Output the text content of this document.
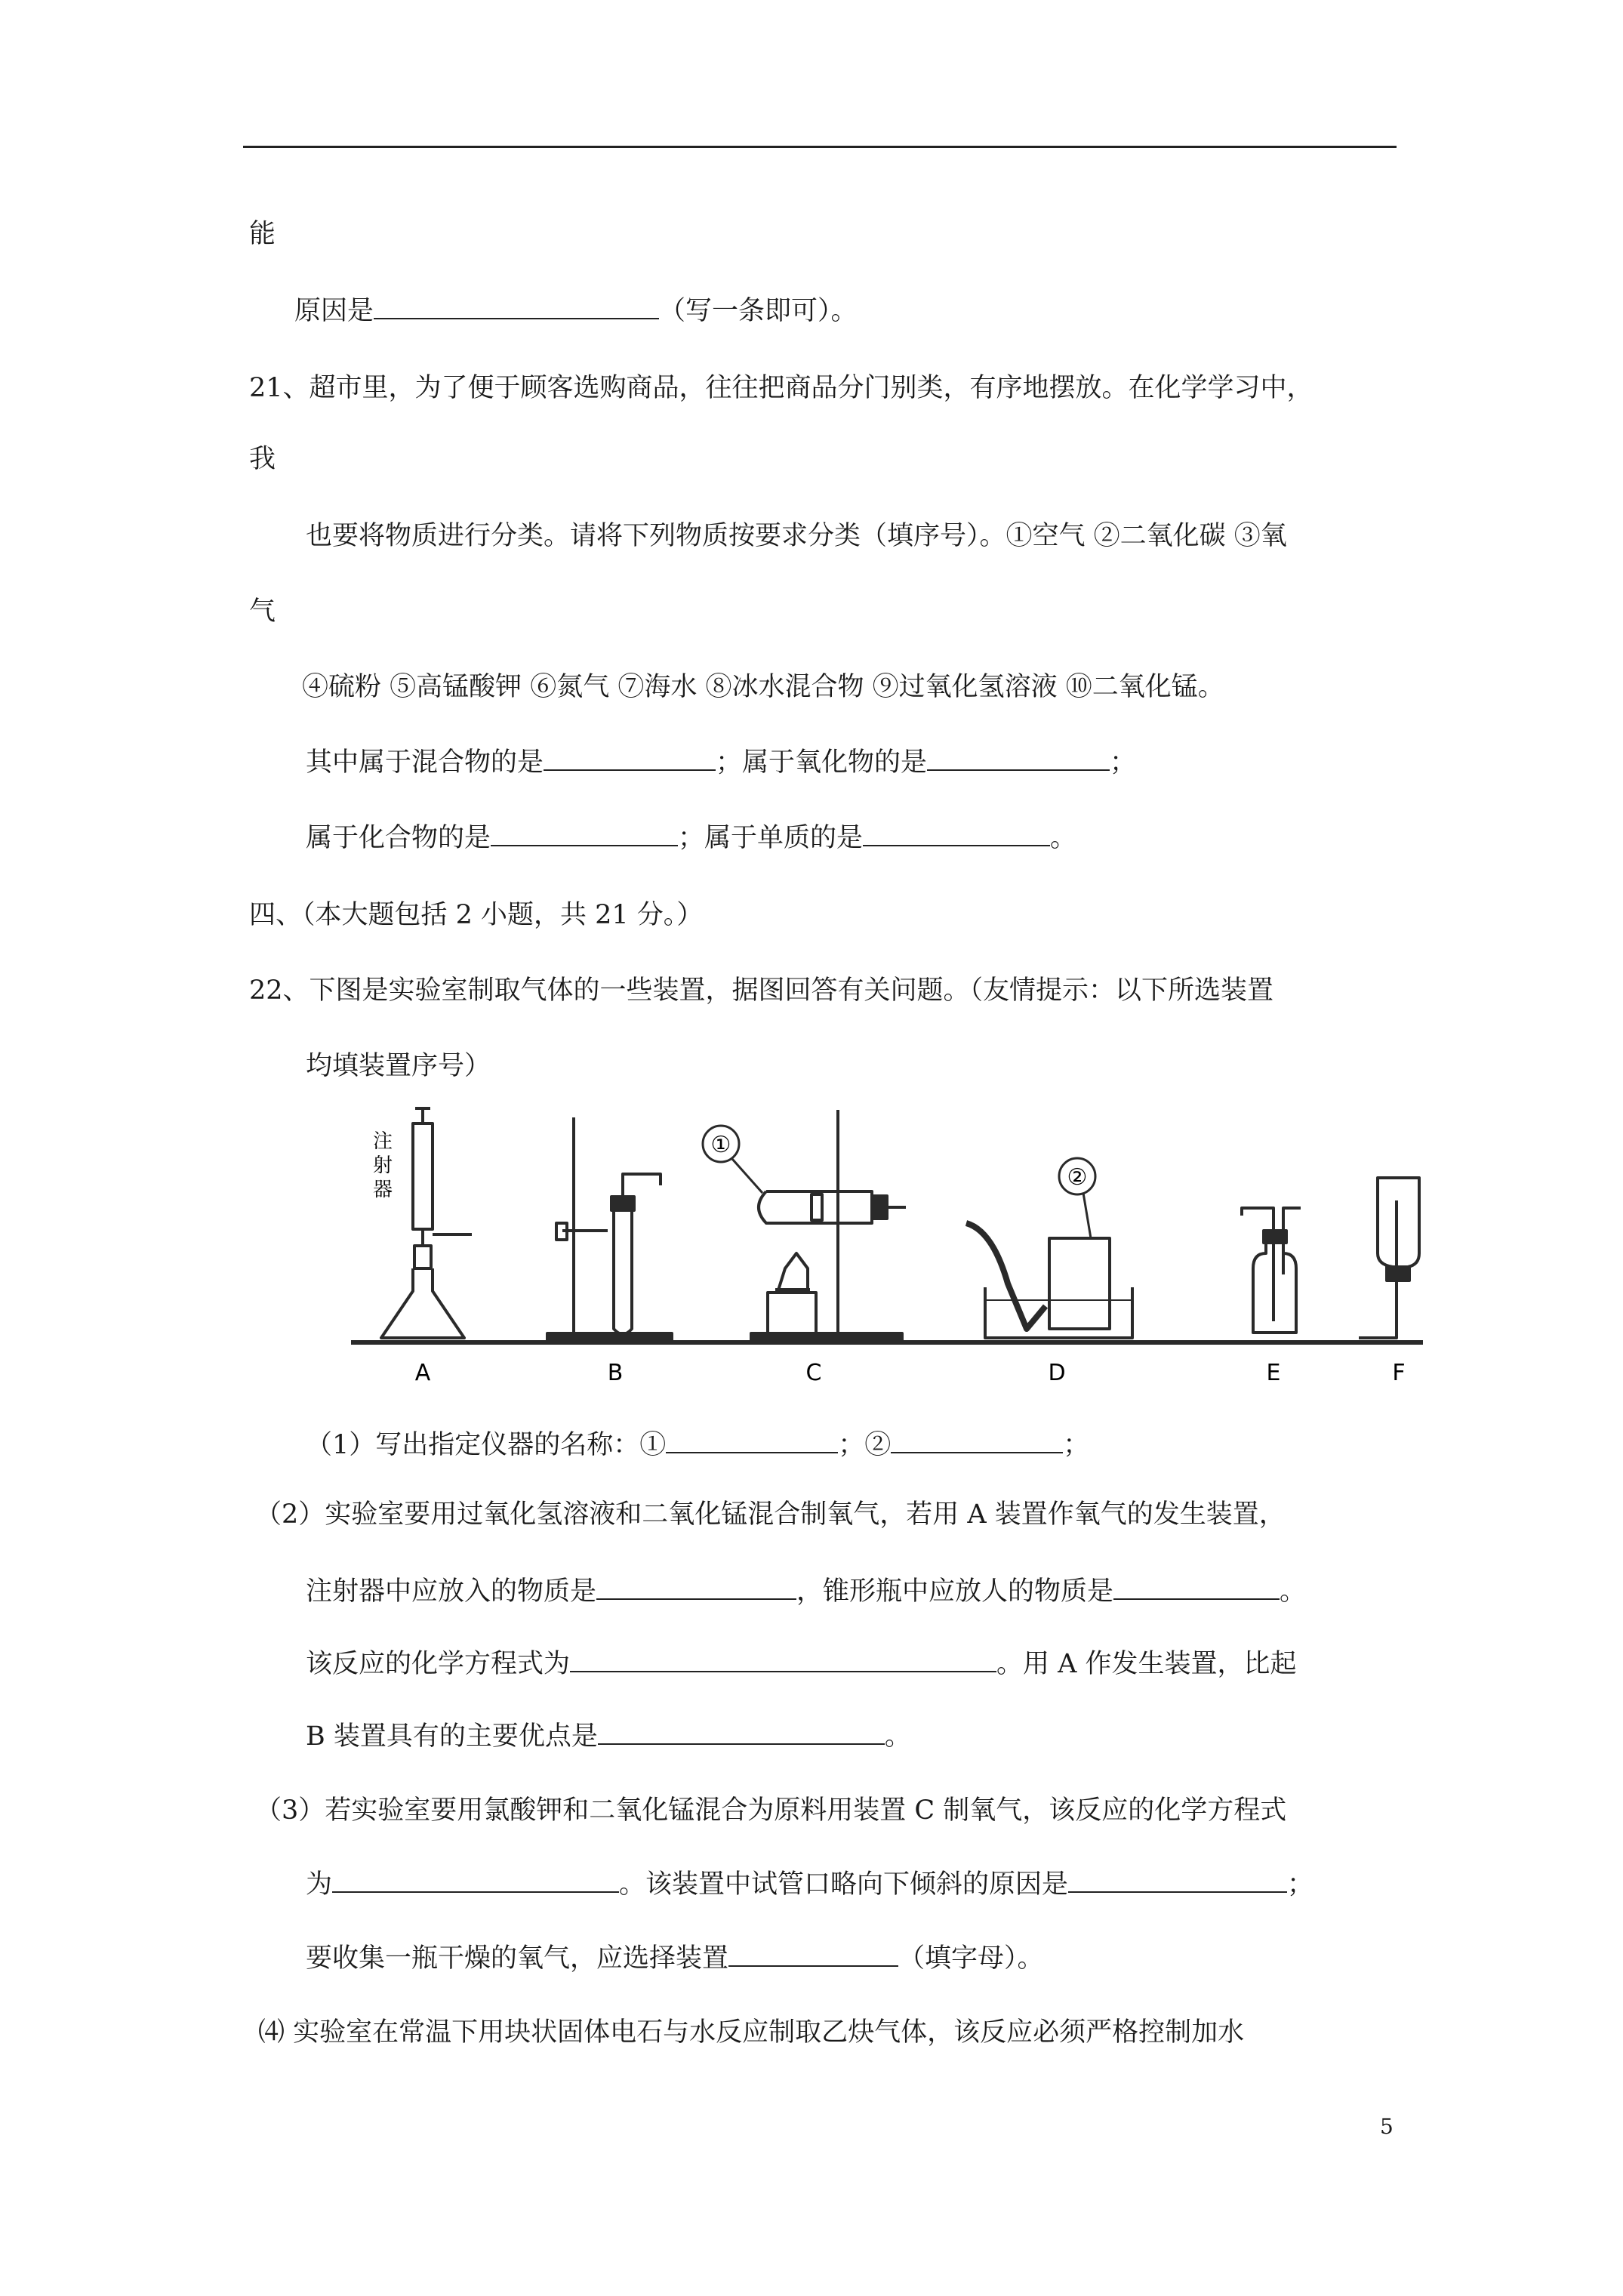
能
原因是	（写一条即可）。
21、超市里，为了便于顾客选购商品，往往把商品分门别类，有序地摆放。在化学学习中，
我
也要将物质进行分类。请将下列物质按要求分类（填序号）。①空气 ②二氧化碳 ③氧
气
④硫粉 ⑤高锰酸钾 ⑥氮气 ⑦海水 ⑧冰水混合物 ⑨过氧化氢溶液 ⑩二氧化锰。
其中属于混合物的是	；属于氧化物的是	；
属于化合物的是	；属于单质的是	。
四、（本大题包括 2 小题，共 21 分。）
22、下图是实验室制取气体的一些装置，据图回答有关问题。（友情提示：以下所选装置
均填装置序号）
A	B	C	D	E	F
注
射
器
①
②
（1）写出指定仪器的名称：①	；②	；
（2）实验室要用过氧化氢溶液和二氧化锰混合制氧气，若用 A 装置作氧气的发生装置，
注射器中应放入的物质是	，锥形瓶中应放人的物质是	。
该反应的化学方程式为	。用 A 作发生装置，比起
B 装置具有的主要优点是	。
（3）若实验室要用氯酸钾和二氧化锰混合为原料用装置 C 制氧气，该反应的化学方程式
为	。该装置中试管口略向下倾斜的原因是	；
要收集一瓶干燥的氧气，应选择装置	（填字母）。
⑷ 实验室在常温下用块状固体电石与水反应制取乙炔气体，该反应必须严格控制加水
5
